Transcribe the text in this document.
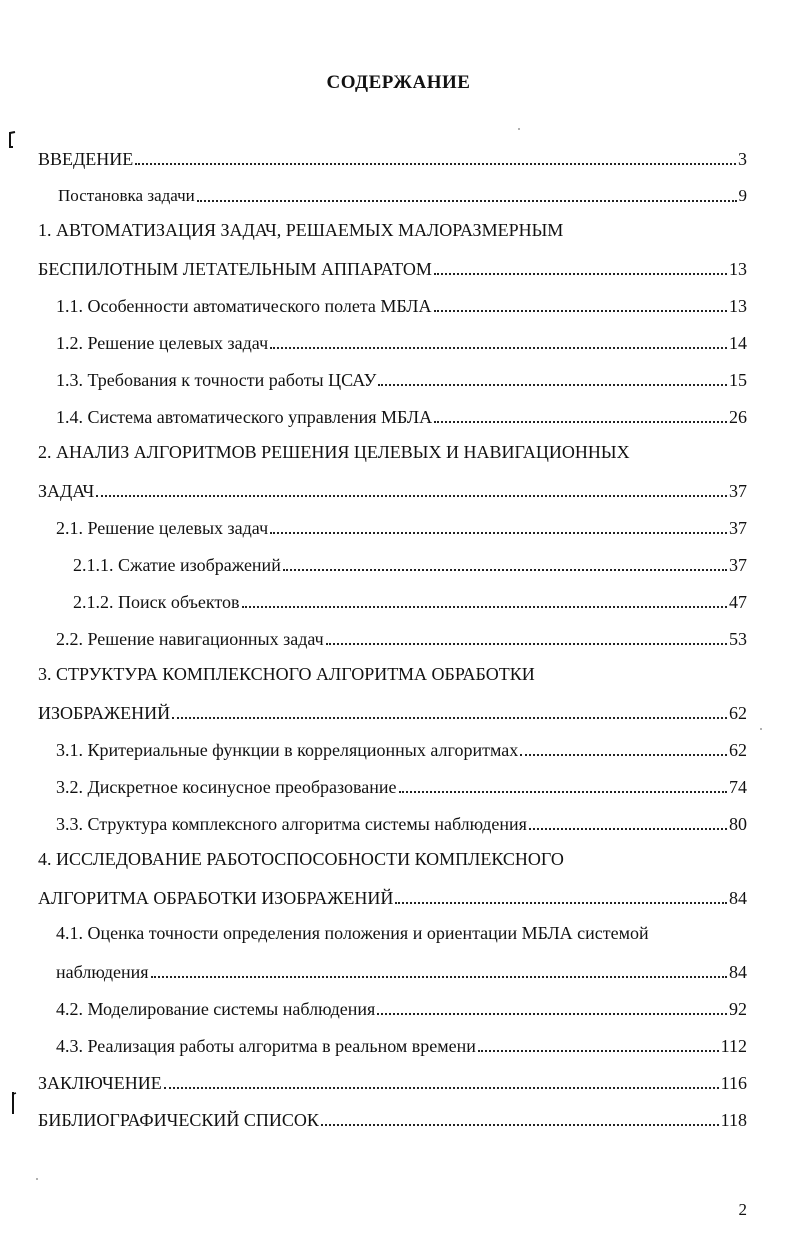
СОДЕРЖАНИЕ
ВВЕДЕНИЕ	3
Постановка задачи	9
1. АВТОМАТИЗАЦИЯ ЗАДАЧ, РЕШАЕМЫХ МАЛОРАЗМЕРНЫМ
БЕСПИЛОТНЫМ ЛЕТАТЕЛЬНЫМ АППАРАТОМ	13
1.1. Особенности автоматического полета МБЛА	13
1.2. Решение целевых задач	14
1.3. Требования к точности работы ЦСАУ	15
1.4. Система автоматического управления МБЛА	26
2. АНАЛИЗ АЛГОРИТМОВ РЕШЕНИЯ ЦЕЛЕВЫХ И НАВИГАЦИОННЫХ
ЗАДАЧ	37
2.1. Решение целевых задач	37
2.1.1. Сжатие изображений	37
2.1.2. Поиск объектов	47
2.2. Решение навигационных задач	53
3. СТРУКТУРА КОМПЛЕКСНОГО АЛГОРИТМА ОБРАБОТКИ
ИЗОБРАЖЕНИЙ	62
3.1. Критериальные функции в корреляционных алгоритмах	62
3.2. Дискретное косинусное преобразование	74
3.3. Структура комплексного алгоритма системы наблюдения	80
4. ИССЛЕДОВАНИЕ РАБОТОСПОСОБНОСТИ КОМПЛЕКСНОГО
АЛГОРИТМА ОБРАБОТКИ ИЗОБРАЖЕНИЙ	84
4.1. Оценка точности определения положения и ориентации МБЛА системой
наблюдения	84
4.2. Моделирование системы наблюдения	92
4.3. Реализация работы алгоритма в реальном времени	112
ЗАКЛЮЧЕНИЕ	116
БИБЛИОГРАФИЧЕСКИЙ СПИСОК	118
2
